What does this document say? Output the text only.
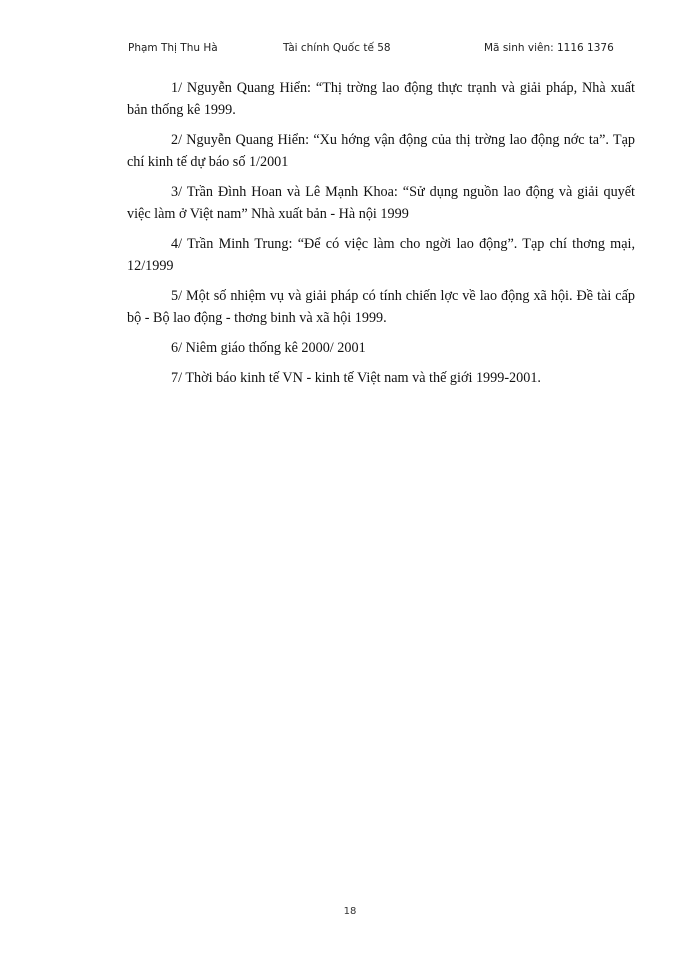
Phạm Thị Thu Hà	Tài chính Quốc tế 58	Mã sinh viên: 1116 1376

1/ Nguyễn Quang Hiển: “Thị trờng lao động thực trạnh và giải pháp, Nhà xuất bản thống kê 1999.

2/ Nguyễn Quang Hiển: “Xu hớng vận động của thị trờng lao động nớc ta”. Tạp chí kinh tế dự báo số 1/2001

3/ Trần Đình Hoan và Lê Mạnh Khoa: “Sử dụng nguồn lao động và giải quyết việc làm ở Việt nam” Nhà xuất bản - Hà nội 1999

4/ Trần Minh Trung: “Để có việc làm cho ngời lao động”. Tạp chí thơng mại, 12/1999

5/ Một số nhiệm vụ và giải pháp có tính chiến lợc về lao động xã hội. Đề tài cấp bộ - Bộ lao động - thơng binh và xã hội 1999.

6/ Niêm giáo thống kê 2000/ 2001

7/ Thời báo kinh tế VN - kinh tế Việt nam và thế giới 1999-2001.

18
